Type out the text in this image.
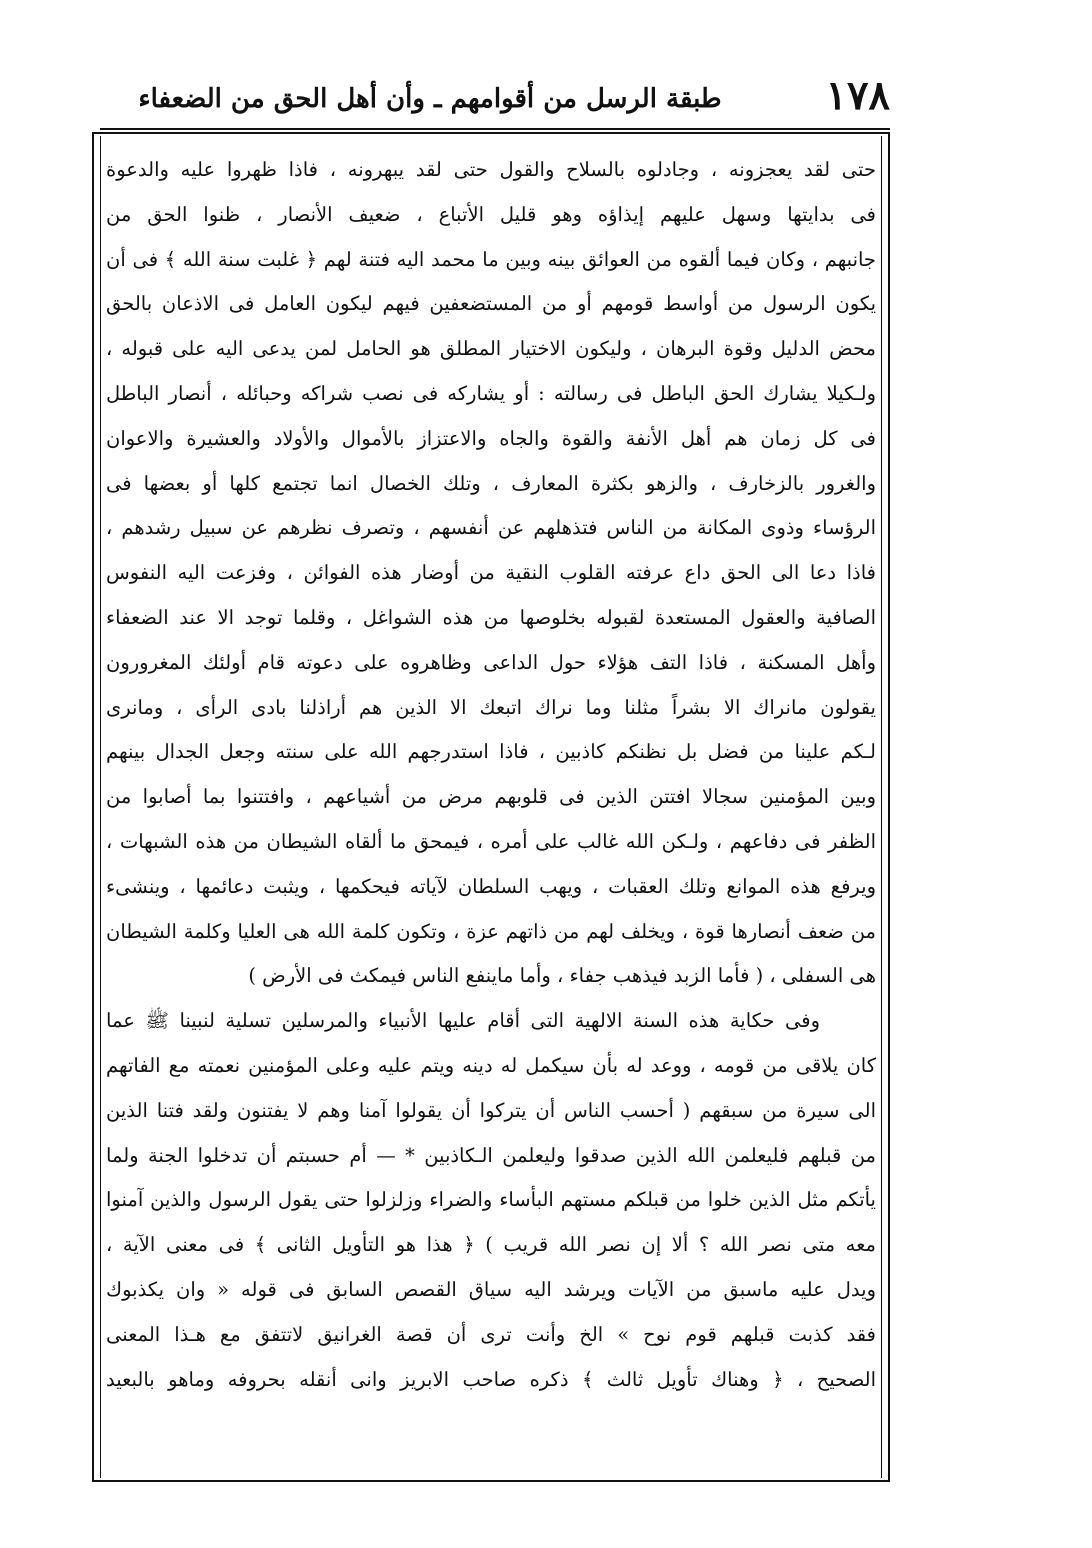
١٧٨
طبقة الرسل من أقوامهم ـ وأن أهل الحق من الضعفاء
حتى لقد يعجزونه ، وجادلوه بالسلاح والقول حتى لقد يبهرونه ، فاذا ظهروا عليه والدعوة
فى بدايتها وسهل عليهم إيذاؤه وهو قليل الأتباع ، ضعيف الأنصار ، ظنوا الحق من
جانبهم ، وكان فيما ألقوه من العوائق بينه وبين ما محمد اليه فتنة لهم ﴿ غلبت سنة الله ﴾ فى أن
يكون الرسول من أواسط قومهم أو من المستضعفين فيهم ليكون العامل فى الاذعان بالحق
محض الدليل وقوة البرهان ، وليكون الاختيار المطلق هو الحامل لمن يدعى اليه على قبوله ،
ولـكيلا يشارك الحق الباطل فى رسالته : أو يشاركه فى نصب شراكه وحبائله ، أنصار الباطل
فى كل زمان هم أهل الأنفة والقوة والجاه والاعتزاز بالأموال والأولاد والعشيرة والاعوان
والغرور بالزخارف ، والزهو بكثرة المعارف ، وتلك الخصال انما تجتمع كلها أو بعضها فى
الرؤساء وذوى المكانة من الناس فتذهلهم عن أنفسهم ، وتصرف نظرهم عن سبيل رشدهم ،
فاذا دعا الى الحق داع عرفته القلوب النقية من أوضار هذه الفوائن ، وفزعت اليه النفوس
الصافية والعقول المستعدة لقبوله بخلوصها من هذه الشواغل ، وقلما توجد الا عند الضعفاء
وأهل المسكنة ، فاذا التف هؤلاء حول الداعى وظاهروه على دعوته قام أولئك المغرورون
يقولون مانراك الا بشراً مثلنا وما نراك اتبعك الا الذين هم أراذلنا بادى الرأى ، ومانرى
لـكم علينا من فضل بل نظنكم كاذبين ، فاذا استدرجهم الله على سنته وجعل الجدال بينهم
وبين المؤمنين سجالا افتتن الذين فى قلوبهم مرض من أشياعهم ، وافتتنوا بما أصابوا من
الظفر فى دفاعهم ، ولـكن الله غالب على أمره ، فيمحق ما ألقاه الشيطان من هذه الشبهات ،
ويرفع هذه الموانع وتلك العقبات ، ويهب السلطان لآياته فيحكمها ، ويثبت دعائمها ، وينشىء
من ضعف أنصارها قوة ، ويخلف لهم من ذاتهم عزة ، وتكون كلمة الله هى العليا وكلمة الشيطان
هى السفلى ، ( فأما الزبد فيذهب جفاء ، وأما ماينفع الناس فيمكث فى الأرض )
وفى حكاية هذه السنة الالهية التى أقام عليها الأنبياء والمرسلين تسلية لنبينا ﷺ عما
كان يلاقى من قومه ، ووعد له بأن سيكمل له دينه ويتم عليه وعلى المؤمنين نعمته مع الفاتهم
الى سيرة من سبقهم ( أحسب الناس أن يتركوا أن يقولوا آمنا وهم لا يفتنون ولقد فتنا الذين
من قبلهم فليعلمن الله الذين صدقوا وليعلمن الـكاذبين * — أم حسبتم أن تدخلوا الجنة ولما
يأتكم مثل الذين خلوا من قبلكم مستهم البأساء والضراء وزلزلوا حتى يقول الرسول والذين آمنوا
معه متى نصر الله ؟ ألا إن نصر الله قريب ) ﴿ هذا هو التأويل الثانى ﴾ فى معنى الآية ،
ويدل عليه ماسبق من الآيات ويرشد اليه سياق القصص السابق فى قوله « وان يكذبوك
فقد كذبت قبلهم قوم نوح » الخ وأنت ترى أن قصة الغرانيق لاتتفق مع هـذا المعنى
الصحيح ، ﴿ وهناك تأويل ثالث ﴾ ذكره صاحب الابريز وانى أنقله بحروفه وماهو بالبعيد
